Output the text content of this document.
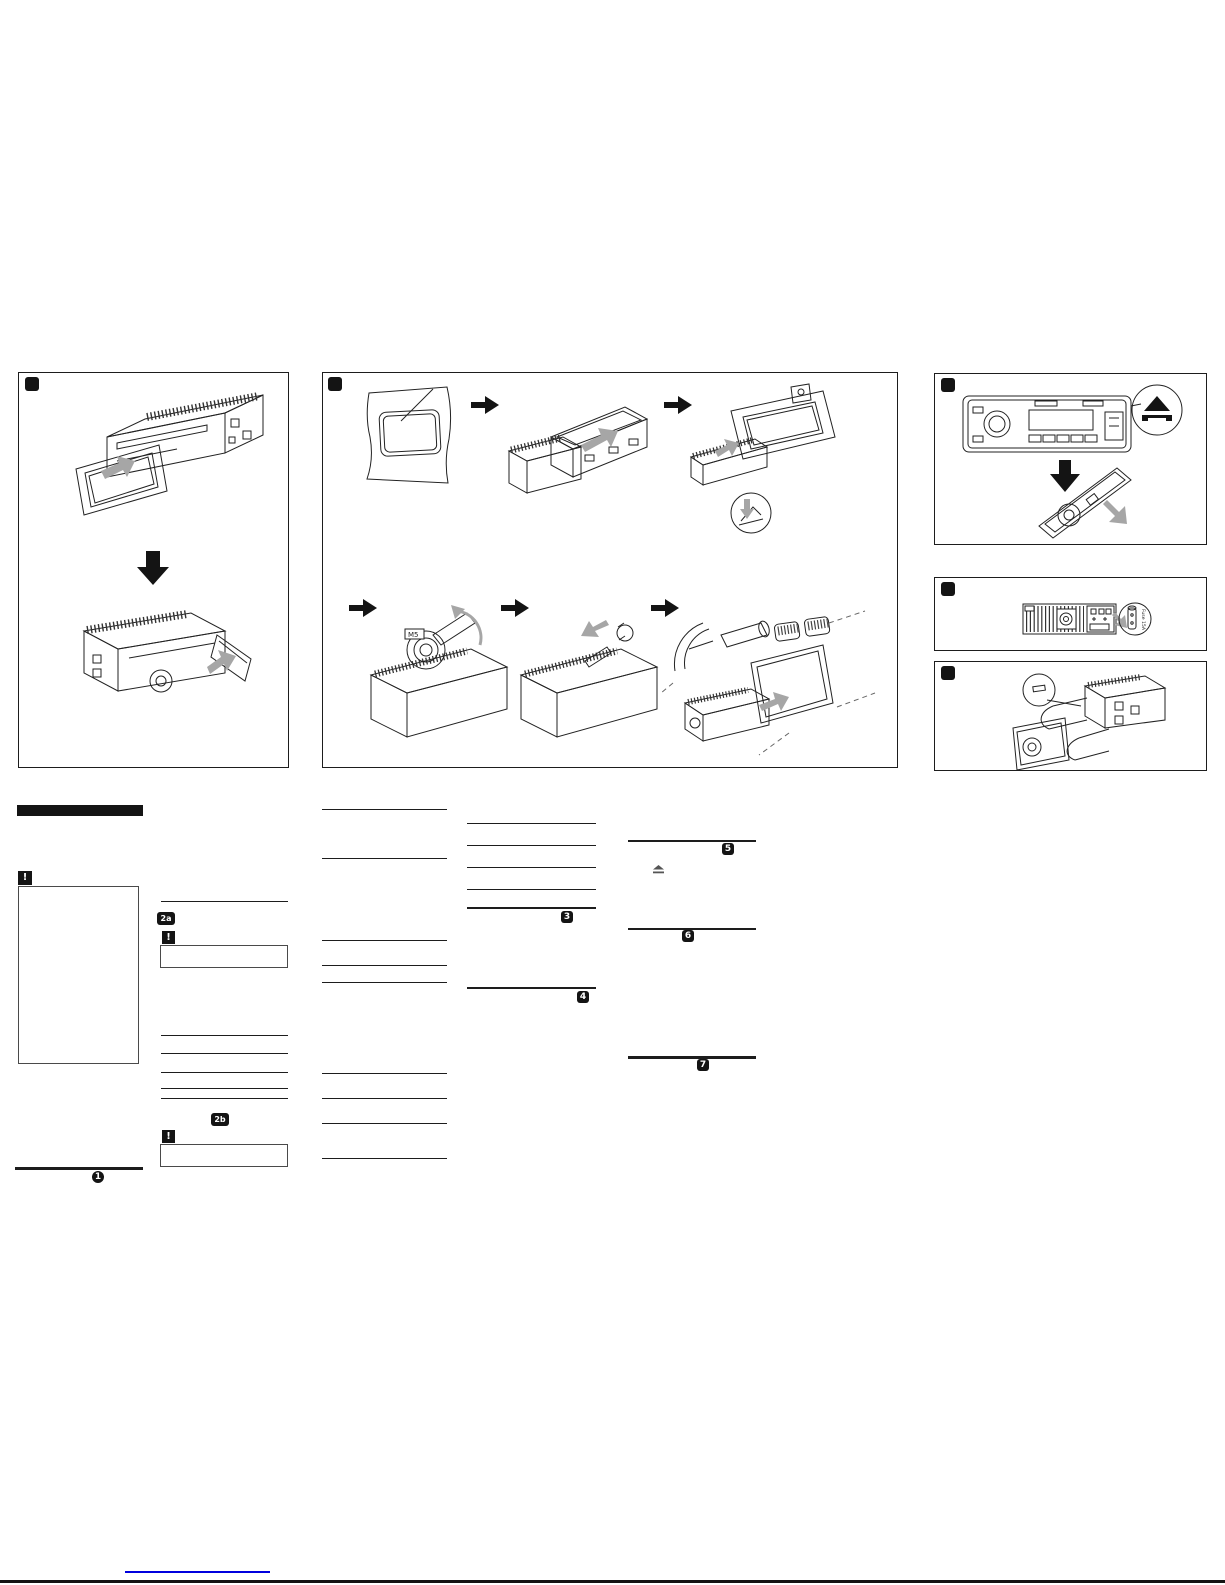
M5
Fuse 15A
!
1
2a
!
2b
!
3
4
5
6
7
